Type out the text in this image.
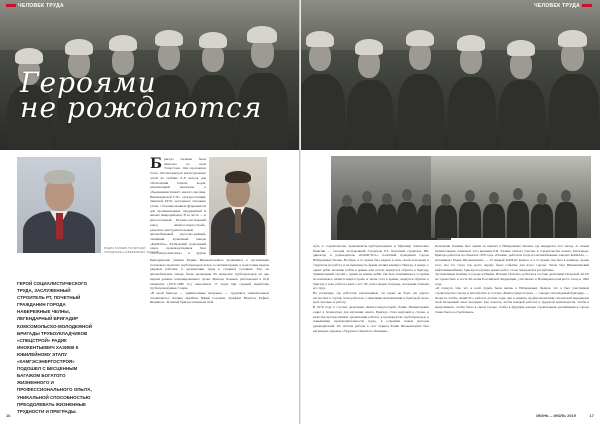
ЧЕЛОВЕК ТРУДА
Героями
не рождаются
РАДИК ХАЗИЕВ, ПОЧЕТНЫЙ ГРАЖДАНИН НАБЕРЕЖНЫХ ЧЕЛНОВ
ГЕРОЙ СОЦИАЛИСТИЧЕСКОГО ТРУДА, ЗАСЛУЖЕННЫЙ СТРОИТЕЛЬ РТ, ПОЧЕТНЫЙ ГРАЖДАНИН ГОРОДА НАБЕРЕЖНЫЕ ЧЕЛНЫ, ЛЕГЕНДАРНЫЙ БРИГАДИР КОМСОМОЛЬСКО-МОЛОДЕЖНОЙ БРИГАДЫ ТРУБОУКЛАДЧИКОВ «СПЕЦСТРОЙ» РАДИК ИНОКЕНТЬЕВИЧ ХАЗИЕВ К ЮБИЛЕЙНОМУ ЭТАПУ «КАМГЭСЭНЕРГОСТРОЯ» ПОДОШЕЛ С БЕСЦЕННЫМ БАГАЖОМ БОГАТОГО ЖИЗНЕННОГО И ПРОФЕССИОНАЛЬНОГО ОПЫТА, УНИКАЛЬНОЙ СПОСОБНОСТЬЮ ПРЕОДОЛЕВАТЬ ЖИЗНЕННЫЕ ТРУДНОСТИ И ПРЕГРАДЫ.
Бригада Хазиева была известна во всем Татарстане. Она проложила более 100 километров магистральных сетей на глубине 6–8 метров для обеспечения теплом, водой, канализацией промзоны в объединении КамАЗ, жилого массива, Нижнекамской ГЭС, электростанций, Заинской ГРЭС, котельных, тепловых узлов, с бетонированием фундаментов для промышленных предприятий и жилых микрорайонов. В ее честь — и многоэтажный Бетонно-растворный завод «Камгэсэнергострой», ремонтно-инструментальный, автомобильный, прессово-рамный, литейный, кузнечный заводы «КАМАЗа», Елабужский тракторный завод, производственная база «Татэлектромонтажа» и другие
Бригадирские умения Радика Иннокентьевича проявились в организации потокового монтажа трубопроводов вслед за экскаваторами, в подготовке кадров рядовых рабочих, в организации труда в сложных условиях. Так, на автомобильном заводе были проведены 60 выпусков трубопроводов на две недели раньше запланированного срока. Бригада Хазиева, работающая в 10-й пятилетке (1976–1980 гг.), выполнила 17 норм при средней выработке трубопроводчиков 3 норм.
«В моей бригаде — удивительные ветераны, — трудились замечательные специалисты: Леонид Дерябин, Юрий Сорокин, Зульфаят Вахитов, Рафкат Шарипов... В нашей бригаде начинали свой
16
ЧЕЛОВЕК ТРУДА
путь в строительстве практиканты-трубоукладчики и Мунавир Хаматович Пьянзин — сегодня заслуженный строитель РТ, почетный строитель РФ, директор и руководитель «КАМГЭСа», почетный гражданин города Набережные Челны. Вообще, я то время был уверен в силе своей молодежи и студентов на работу и на практику во время летних каникул. Иногда, в конце, у одних ребят желание пойти в армию или потом, вернуться обратно в бригаду. Удивительный случай с одним из наших ребят. Он был отличником в то время на комплексе «Камгэсэнергострой» и затем стал в армию, вернулся обратно в бригаду к нам, работал много лет. Об этом говорят награды, которыми отмечен его труд.
На площадке, где работали заключенные, он также не было ни одного несчастного случая, хотя работали с тяжелыми механизмами и бригадой около трех человек за работу.
В 1970 году в составе делегации «Камгэсэнергострой» Радик Инокентьевич ездил в Зеленоград для изучения опыта. Бригада стала ведущей в стране, в качестве прогрессивной организации работы, в производстве трубопроводов, в повышении производительности труда, в освоении новых методов руководителей. По итогам работы в этот период Радик Инокентьевич был награжден орденом «Трудового Красного Знамени».
Коллектив Хазиева был одним из первых в Набережных Челнах, где внедрялся этот метод. А самым значительным событием того времени Р.И. Хазиев считает участие в строительстве нового автозавода. Бригада работала на объектах 1976 года. «Помню, работали тогда на автомобильных заводах КАМАЗа, — вспоминает Радик Инокентьевич, — И первый КАМАЗ вышел, я в то время там был в команде, кроме того, мы это тогда так долго ждали, было событие для всего города. Затем был Нижнекамский нефтехимкомбинат, бригада получила новых работ, стала передовой в республике.
Заслуженным Хазиеву в городе и Индии, Италии. Почетно, работая в составе делегации Татарской АССР на торжествах в честь 60-летия Российской Федерации, участвовал в Всемирном конгрессе татар в 1992 году.
«Я горжусь тем, что я всей судьбе была жизнь в Набережных Челнах, что я был участником строительства города и автогиганта в составе «Камгэсэнергостроя» — говорит легендарный бригадир. — Хочется, чтобы «КамГЭС» работал долгие годы, как и раньше, профессионалами строителей передавали свой бесценный опыт молодым. Так хочется, чтобы каждый работал в трудовой деятельности, чтобы в выпускниках, чтобы было в своем городе, чтобы в будущем каждая строительная организация в городе также была востребована».
ИЮНЬ – ИЮЛЬ 2019	17
